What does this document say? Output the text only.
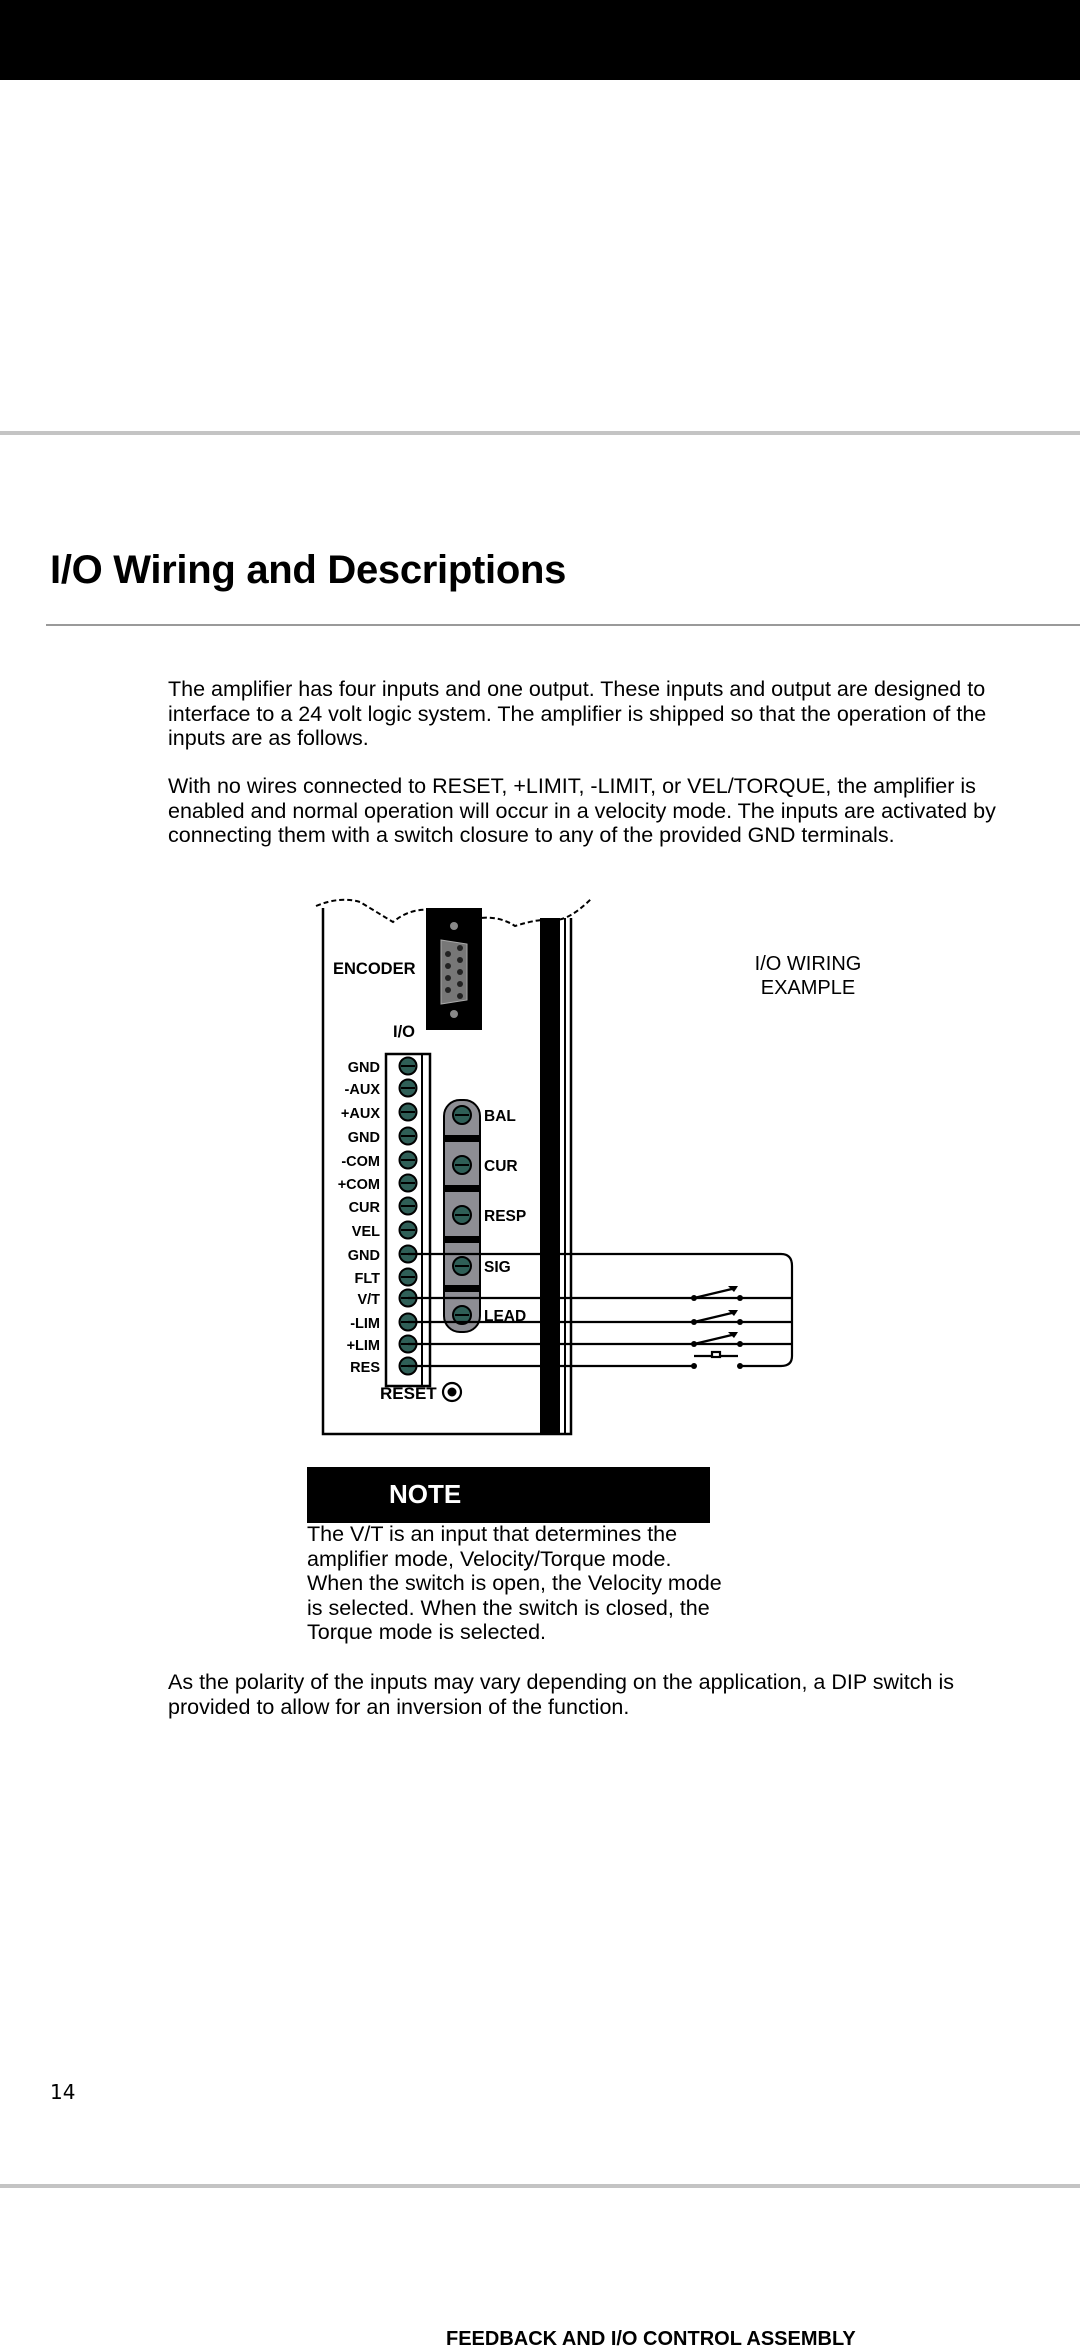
I/O Wiring and Descriptions

The amplifier has four inputs and one output. These inputs and output are designed to interface to a 24 volt logic system. The amplifier is shipped so that the operation of the inputs are as follows.

With no wires connected to RESET, +LIMIT, -LIMIT, or VEL/TORQUE, the amplifier is enabled and normal operation will occur in a velocity mode. The inputs are activated by connecting them with a switch closure to any of the provided GND terminals.

ENCODER
I/O
GND
-AUX
+AUX
GND
-COM
+COM
CUR
VEL
GND
FLT
V/T
-LIM
+LIM
RES
BAL
CUR
RESP
SIG
LEAD
RESET
I/O WIRING
EXAMPLE
NOTE

The V/T is an input that determines the amplifier mode, Velocity/Torque mode. When the switch is open, the Velocity mode is selected. When the switch is closed, the Torque mode is selected.

As the polarity of the inputs may vary depending on the application, a DIP switch is provided to allow for an inversion of the function.

14
FEEDBACK AND I/O CONTROL ASSEMBLY
